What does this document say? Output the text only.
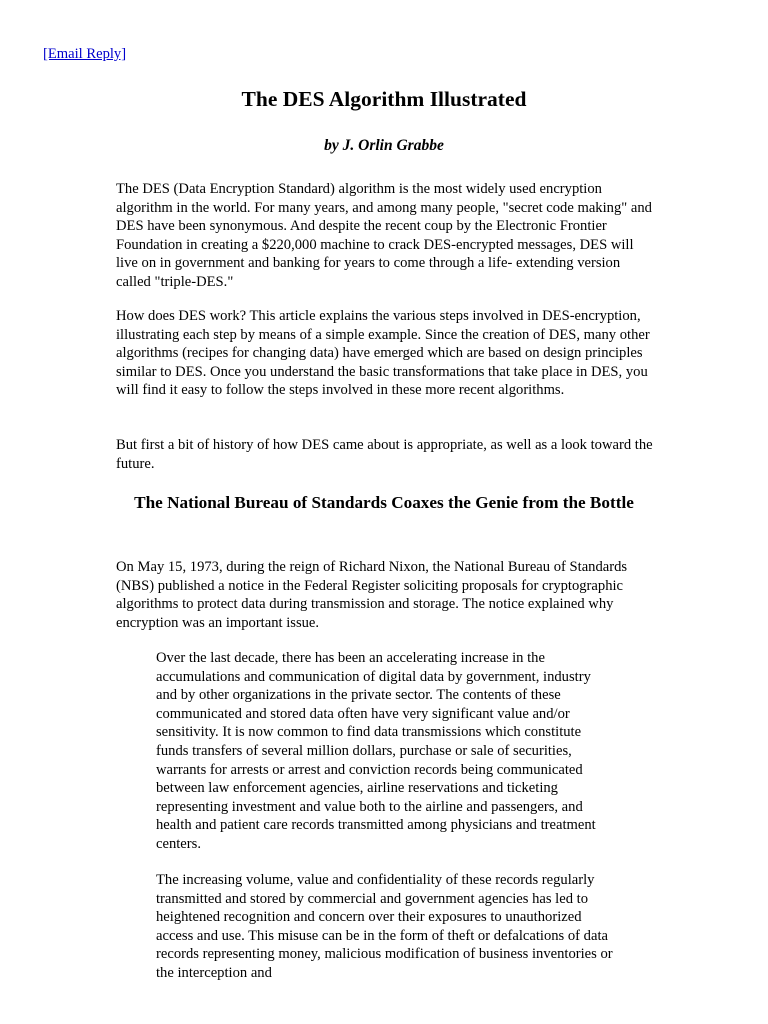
[Email Reply]
The DES Algorithm Illustrated

by J. Orlin Grabbe

The DES (Data Encryption Standard) algorithm is the most widely used encryption algorithm in the world. For many years, and among many people, "secret code making" and DES have been synonymous. And despite the recent coup by the Electronic Frontier Foundation in creating a $220,000 machine to crack DES-encrypted messages, DES will live on in government and banking for years to come through a life- extending version called "triple-DES."

How does DES work? This article explains the various steps involved in DES-encryption, illustrating each step by means of a simple example. Since the creation of DES, many other algorithms (recipes for changing data) have emerged which are based on design principles similar to DES. Once you understand the basic transformations that take place in DES, you will find it easy to follow the steps involved in these more recent algorithms.

But first a bit of history of how DES came about is appropriate, as well as a look toward the future.

The National Bureau of Standards Coaxes the Genie from the Bottle

On May 15, 1973, during the reign of Richard Nixon, the National Bureau of Standards (NBS) published a notice in the Federal Register soliciting proposals for cryptographic algorithms to protect data during transmission and storage. The notice explained why encryption was an important issue.

Over the last decade, there has been an accelerating increase in the accumulations and communication of digital data by government, industry and by other organizations in the private sector. The contents of these communicated and stored data often have very significant value and/or sensitivity. It is now common to find data transmissions which constitute funds transfers of several million dollars, purchase or sale of securities, warrants for arrests or arrest and conviction records being communicated between law enforcement agencies, airline reservations and ticketing representing investment and value both to the airline and passengers, and health and patient care records transmitted among physicians and treatment centers.

The increasing volume, value and confidentiality of these records regularly transmitted and stored by commercial and government agencies has led to heightened recognition and concern over their exposures to unauthorized access and use. This misuse can be in the form of theft or defalcations of data records representing money, malicious modification of business inventories or the interception and
